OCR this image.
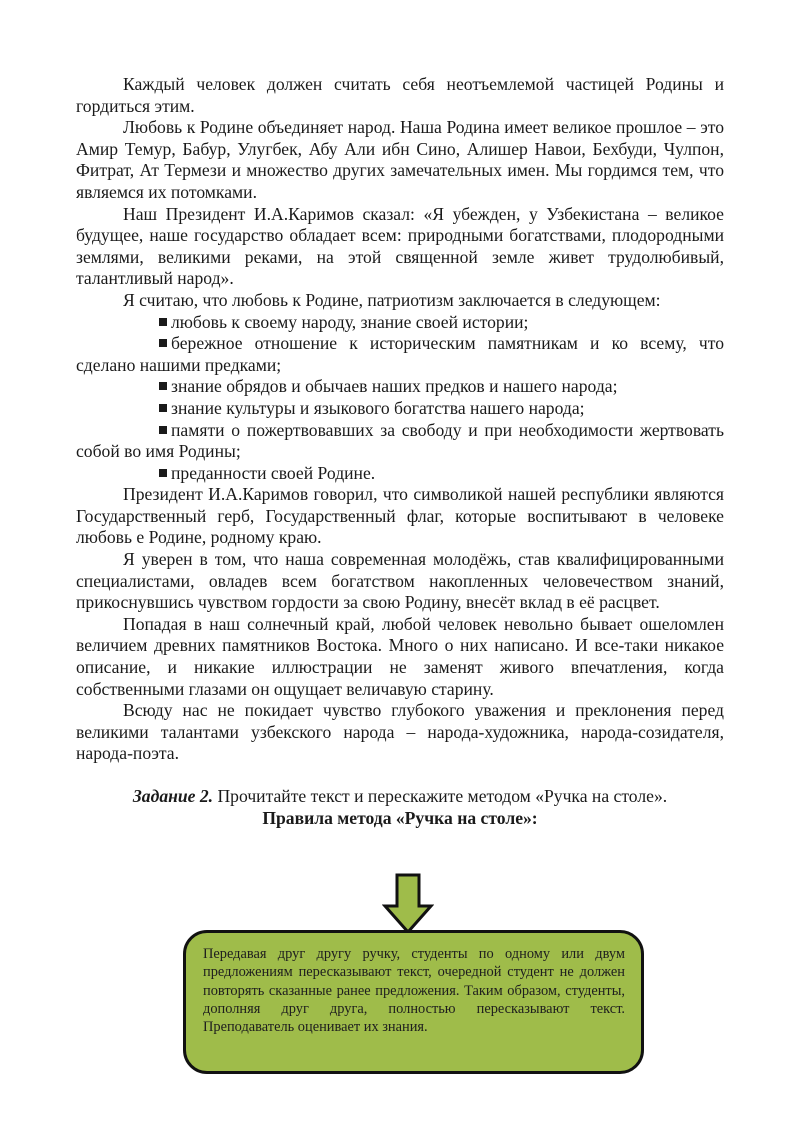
Каждый человек должен считать себя неотъемлемой частицей Родины и гордиться этим.

Любовь к Родине объединяет народ. Наша Родина имеет великое прошлое – это Амир Темур, Бабур, Улугбек, Абу Али ибн Сино, Алишер Навои, Бехбуди, Чулпон, Фитрат, Ат Термези и множество других замечательных имен. Мы гордимся тем, что являемся их потомками.

Наш Президент И.А.Каримов сказал: «Я убежден, у Узбекистана – великое будущее, наше государство обладает всем: природными богатствами, плодородными землями, великими реками, на этой священной земле живет трудолюбивый, талантливый народ».

Я считаю, что любовь к Родине, патриотизм заключается в следующем:

любовь к своему народу, знание своей истории;

бережное отношение к историческим памятникам и ко всему, что сделано нашими предками;

знание обрядов и обычаев наших предков и нашего народа;

знание культуры и языкового богатства нашего народа;

памяти о пожертвовавших за свободу и при необходимости жертвовать собой во имя Родины;

преданности своей Родине.

Президент И.А.Каримов говорил, что символикой нашей республики являются Государственный герб, Государственный флаг, которые воспитывают в человеке любовь е Родине, родному краю.

Я уверен в том, что наша современная молодёжь, став квалифицированными специалистами, овладев всем богатством накопленных человечеством знаний, прикоснувшись чувством гордости за свою Родину, внесёт вклад в её расцвет.

Попадая в наш солнечный край, любой человек невольно бывает ошеломлен величием древних памятников Востока. Много о них написано. И все-таки никакое описание, и никакие иллюстрации не заменят живого впечатления, когда собственными глазами он ощущает величавую старину.

Всюду нас не покидает чувство глубокого уважения и преклонения перед великими талантами узбекского народа – народа-художника, народа-созидателя, народа-поэта.

Задание 2. Прочитайте текст и перескажите методом «Ручка на столе».

Правила метода «Ручка на столе»:

Передавая друг другу ручку, студенты по одному или двум предложениям пересказывают текст, очередной студент не должен повторять сказанные ранее предложения. Таким образом, студенты, дополняя друг друга, полностью пересказывают текст. Преподаватель оценивает их знания.
